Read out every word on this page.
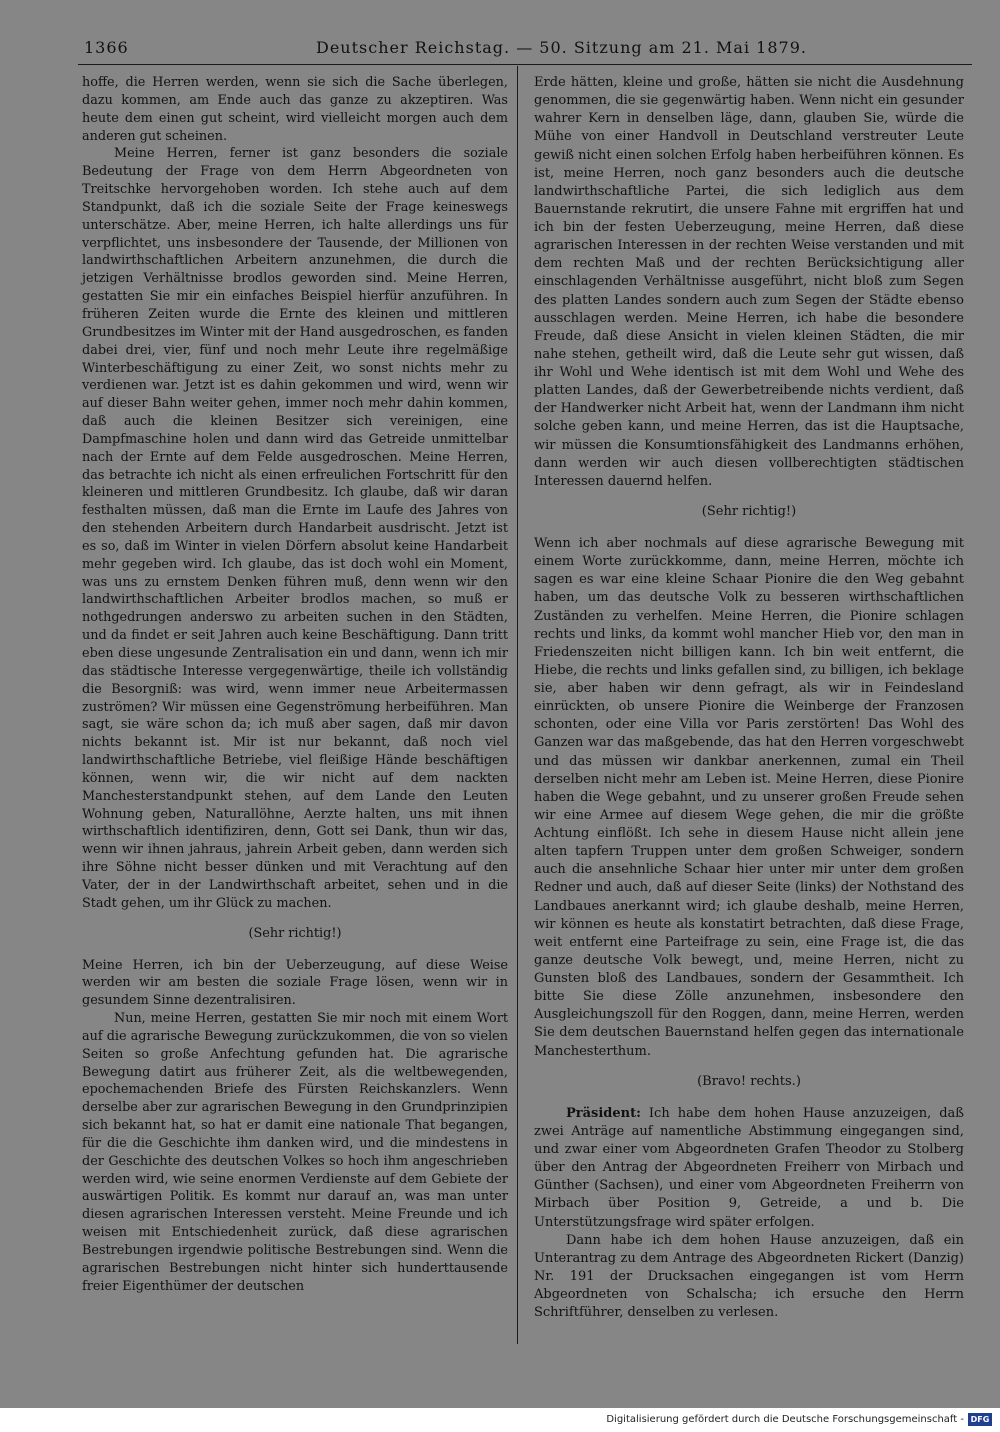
1366	Deutscher Reichstag. — 50. Sitzung am 21. Mai 1879.

hoffe, die Herren werden, wenn sie sich die Sache überlegen, dazu kommen, am Ende auch das ganze zu akzeptiren. Was heute dem einen gut scheint, wird vielleicht morgen auch dem anderen gut scheinen.

Meine Herren, ferner ist ganz besonders die soziale Bedeutung der Frage von dem Herrn Abgeordneten von Treitschke hervorgehoben worden. Ich stehe auch auf dem Standpunkt, daß ich die soziale Seite der Frage keineswegs unterschätze. Aber, meine Herren, ich halte allerdings uns für verpflichtet, uns insbesondere der Tausende, der Millionen von landwirthschaftlichen Arbeitern anzunehmen, die durch die jetzigen Verhältnisse brodlos geworden sind. Meine Herren, gestatten Sie mir ein einfaches Beispiel hierfür anzuführen. In früheren Zeiten wurde die Ernte des kleinen und mittleren Grundbesitzes im Winter mit der Hand ausgedroschen, es fanden dabei drei, vier, fünf und noch mehr Leute ihre regelmäßige Winterbeschäftigung zu einer Zeit, wo sonst nichts mehr zu verdienen war. Jetzt ist es dahin gekommen und wird, wenn wir auf dieser Bahn weiter gehen, immer noch mehr dahin kommen, daß auch die kleinen Besitzer sich vereinigen, eine Dampfmaschine holen und dann wird das Getreide unmittelbar nach der Ernte auf dem Felde ausgedroschen. Meine Herren, das betrachte ich nicht als einen erfreulichen Fortschritt für den kleineren und mittleren Grundbesitz. Ich glaube, daß wir daran festhalten müssen, daß man die Ernte im Laufe des Jahres von den stehenden Arbeitern durch Handarbeit ausdrischt. Jetzt ist es so, daß im Winter in vielen Dörfern absolut keine Handarbeit mehr gegeben wird. Ich glaube, das ist doch wohl ein Moment, was uns zu ernstem Denken führen muß, denn wenn wir den landwirthschaftlichen Arbeiter brodlos machen, so muß er nothgedrungen anderswo zu arbeiten suchen in den Städten, und da findet er seit Jahren auch keine Beschäftigung. Dann tritt eben diese ungesunde Zentralisation ein und dann, wenn ich mir das städtische Interesse vergegenwärtige, theile ich vollständig die Besorgniß: was wird, wenn immer neue Arbeitermassen zuströmen? Wir müssen eine Gegenströmung herbeiführen. Man sagt, sie wäre schon da; ich muß aber sagen, daß mir davon nichts bekannt ist. Mir ist nur bekannt, daß noch viel landwirthschaftliche Betriebe, viel fleißige Hände beschäftigen können, wenn wir, die wir nicht auf dem nackten Manchesterstandpunkt stehen, auf dem Lande den Leuten Wohnung geben, Naturallöhne, Aerzte halten, uns mit ihnen wirthschaftlich identifiziren, denn, Gott sei Dank, thun wir das, wenn wir ihnen jahraus, jahrein Arbeit geben, dann werden sich ihre Söhne nicht besser dünken und mit Verachtung auf den Vater, der in der Landwirthschaft arbeitet, sehen und in die Stadt gehen, um ihr Glück zu machen.

(Sehr richtig!)

Meine Herren, ich bin der Ueberzeugung, auf diese Weise werden wir am besten die soziale Frage lösen, wenn wir in gesundem Sinne dezentralisiren.

Nun, meine Herren, gestatten Sie mir noch mit einem Wort auf die agrarische Bewegung zurückzukommen, die von so vielen Seiten so große Anfechtung gefunden hat. Die agrarische Bewegung datirt aus früherer Zeit, als die weltbewegenden, epochemachenden Briefe des Fürsten Reichskanzlers. Wenn derselbe aber zur agrarischen Bewegung in den Grundprinzipien sich bekannt hat, so hat er damit eine nationale That begangen, für die die Geschichte ihm danken wird, und die mindestens in der Geschichte des deutschen Volkes so hoch ihm angeschrieben werden wird, wie seine enormen Verdienste auf dem Gebiete der auswärtigen Politik. Es kommt nur darauf an, was man unter diesen agrarischen Interessen versteht. Meine Freunde und ich weisen mit Entschiedenheit zurück, daß diese agrarischen Bestrebungen irgendwie politische Bestrebungen sind. Wenn die agrarischen Bestrebungen nicht hinter sich hunderttausende freier Eigenthümer der deutschen

Erde hätten, kleine und große, hätten sie nicht die Ausdehnung genommen, die sie gegenwärtig haben. Wenn nicht ein gesunder wahrer Kern in denselben läge, dann, glauben Sie, würde die Mühe von einer Handvoll in Deutschland verstreuter Leute gewiß nicht einen solchen Erfolg haben herbeiführen können. Es ist, meine Herren, noch ganz besonders auch die deutsche landwirthschaftliche Partei, die sich lediglich aus dem Bauernstande rekrutirt, die unsere Fahne mit ergriffen hat und ich bin der festen Ueberzeugung, meine Herren, daß diese agrarischen Interessen in der rechten Weise verstanden und mit dem rechten Maß und der rechten Berücksichtigung aller einschlagenden Verhältnisse ausgeführt, nicht bloß zum Segen des platten Landes sondern auch zum Segen der Städte ebenso ausschlagen werden. Meine Herren, ich habe die besondere Freude, daß diese Ansicht in vielen kleinen Städten, die mir nahe stehen, getheilt wird, daß die Leute sehr gut wissen, daß ihr Wohl und Wehe identisch ist mit dem Wohl und Wehe des platten Landes, daß der Gewerbetreibende nichts verdient, daß der Handwerker nicht Arbeit hat, wenn der Landmann ihm nicht solche geben kann, und meine Herren, das ist die Hauptsache, wir müssen die Konsumtionsfähigkeit des Landmanns erhöhen, dann werden wir auch diesen vollberechtigten städtischen Interessen dauernd helfen.

(Sehr richtig!)

Wenn ich aber nochmals auf diese agrarische Bewegung mit einem Worte zurückkomme, dann, meine Herren, möchte ich sagen es war eine kleine Schaar Pionire die den Weg gebahnt haben, um das deutsche Volk zu besseren wirthschaftlichen Zuständen zu verhelfen. Meine Herren, die Pionire schlagen rechts und links, da kommt wohl mancher Hieb vor, den man in Friedenszeiten nicht billigen kann. Ich bin weit entfernt, die Hiebe, die rechts und links gefallen sind, zu billigen, ich beklage sie, aber haben wir denn gefragt, als wir in Feindesland einrückten, ob unsere Pionire die Weinberge der Franzosen schonten, oder eine Villa vor Paris zerstörten! Das Wohl des Ganzen war das maßgebende, das hat den Herren vorgeschwebt und das müssen wir dankbar anerkennen, zumal ein Theil derselben nicht mehr am Leben ist. Meine Herren, diese Pionire haben die Wege gebahnt, und zu unserer großen Freude sehen wir eine Armee auf diesem Wege gehen, die mir die größte Achtung einflößt. Ich sehe in diesem Hause nicht allein jene alten tapfern Truppen unter dem großen Schweiger, sondern auch die ansehnliche Schaar hier unter mir unter dem großen Redner und auch, daß auf dieser Seite (links) der Nothstand des Landbaues anerkannt wird; ich glaube deshalb, meine Herren, wir können es heute als konstatirt betrachten, daß diese Frage, weit entfernt eine Parteifrage zu sein, eine Frage ist, die das ganze deutsche Volk bewegt, und, meine Herren, nicht zu Gunsten bloß des Landbaues, sondern der Gesammtheit. Ich bitte Sie diese Zölle anzunehmen, insbesondere den Ausgleichungszoll für den Roggen, dann, meine Herren, werden Sie dem deutschen Bauernstand helfen gegen das internationale Manchesterthum.

(Bravo! rechts.)

Präsident: Ich habe dem hohen Hause anzuzeigen, daß zwei Anträge auf namentliche Abstimmung eingegangen sind, und zwar einer vom Abgeordneten Grafen Theodor zu Stolberg über den Antrag der Abgeordneten Freiherr von Mirbach und Günther (Sachsen), und einer vom Abgeordneten Freiherrn von Mirbach über Position 9, Getreide, a und b. Die Unterstützungsfrage wird später erfolgen.

Dann habe ich dem hohen Hause anzuzeigen, daß ein Unterantrag zu dem Antrage des Abgeordneten Rickert (Danzig) Nr. 191 der Drucksachen eingegangen ist vom Herrn Abgeordneten von Schalscha; ich ersuche den Herrn Schriftführer, denselben zu verlesen.

Digitalisierung gefördert durch die Deutsche Forschungsgemeinschaft - DFG
